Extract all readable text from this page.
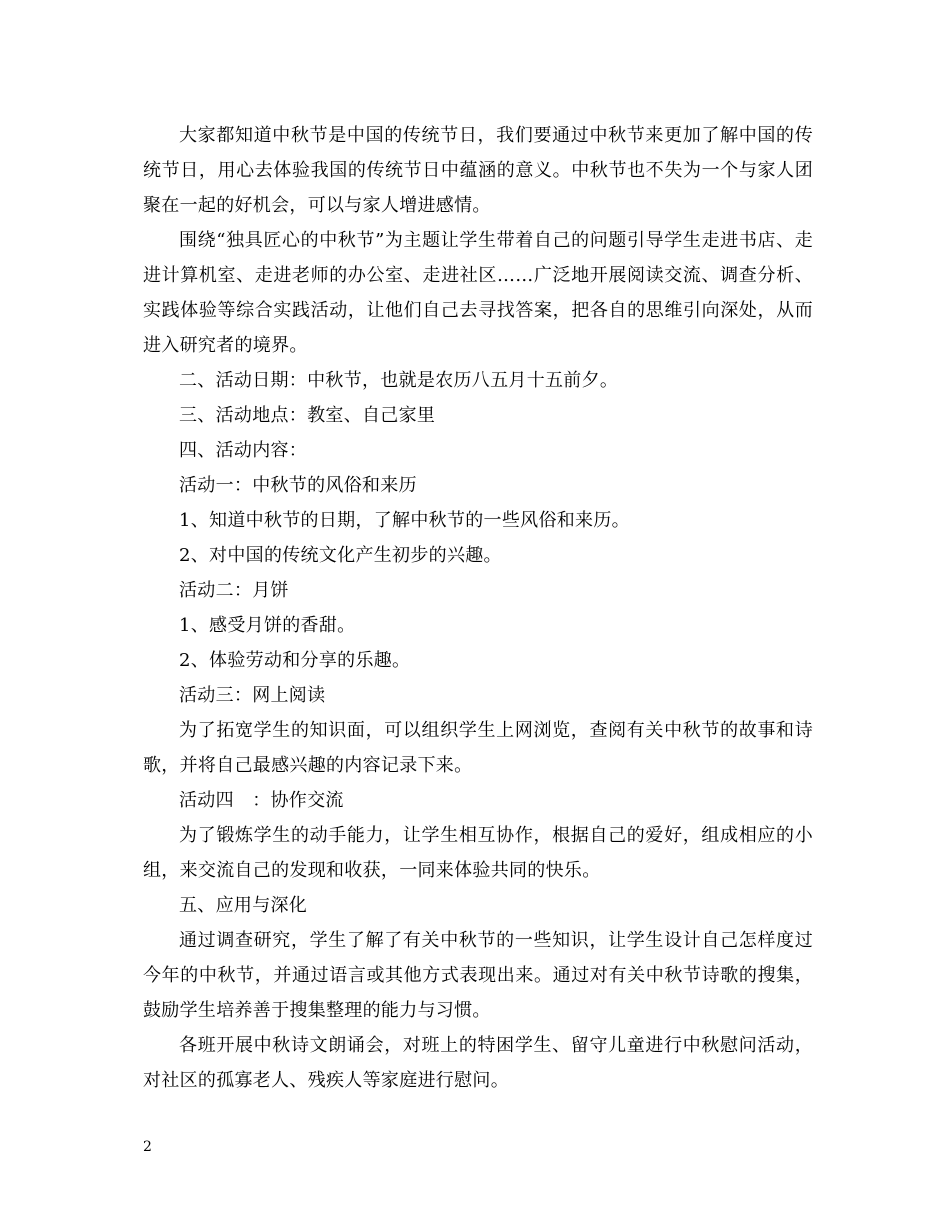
大家都知道中秋节是中国的传统节日，我们要通过中秋节来更加了解中国的传统节日，用心去体验我国的传统节日中蕴涵的意义。中秋节也不失为一个与家人团聚在一起的好机会，可以与家人增进感情。

围绕“独具匠心的中秋节”为主题让学生带着自己的问题引导学生走进书店、走进计算机室、走进老师的办公室、走进社区……广泛地开展阅读交流、调查分析、实践体验等综合实践活动，让他们自己去寻找答案，把各自的思维引向深处，从而进入研究者的境界。

二、活动日期：中秋节，也就是农历八五月十五前夕。

三、活动地点：教室、自己家里

四、活动内容：

活动一：中秋节的风俗和来历

1、知道中秋节的日期，了解中秋节的一些风俗和来历。

2、对中国的传统文化产生初步的兴趣。

活动二：月饼

1、感受月饼的香甜。

2、体验劳动和分享的乐趣。

活动三：网上阅读

为了拓宽学生的知识面，可以组织学生上网浏览，查阅有关中秋节的故事和诗歌，并将自己最感兴趣的内容记录下来。

活动四　：协作交流

为了锻炼学生的动手能力，让学生相互协作，根据自己的爱好，组成相应的小组，来交流自己的发现和收获，一同来体验共同的快乐。

五、应用与深化

通过调查研究，学生了解了有关中秋节的一些知识，让学生设计自己怎样度过今年的中秋节，并通过语言或其他方式表现出来。通过对有关中秋节诗歌的搜集，鼓励学生培养善于搜集整理的能力与习惯。

各班开展中秋诗文朗诵会，对班上的特困学生、留守儿童进行中秋慰问活动，对社区的孤寡老人、残疾人等家庭进行慰问。

2
